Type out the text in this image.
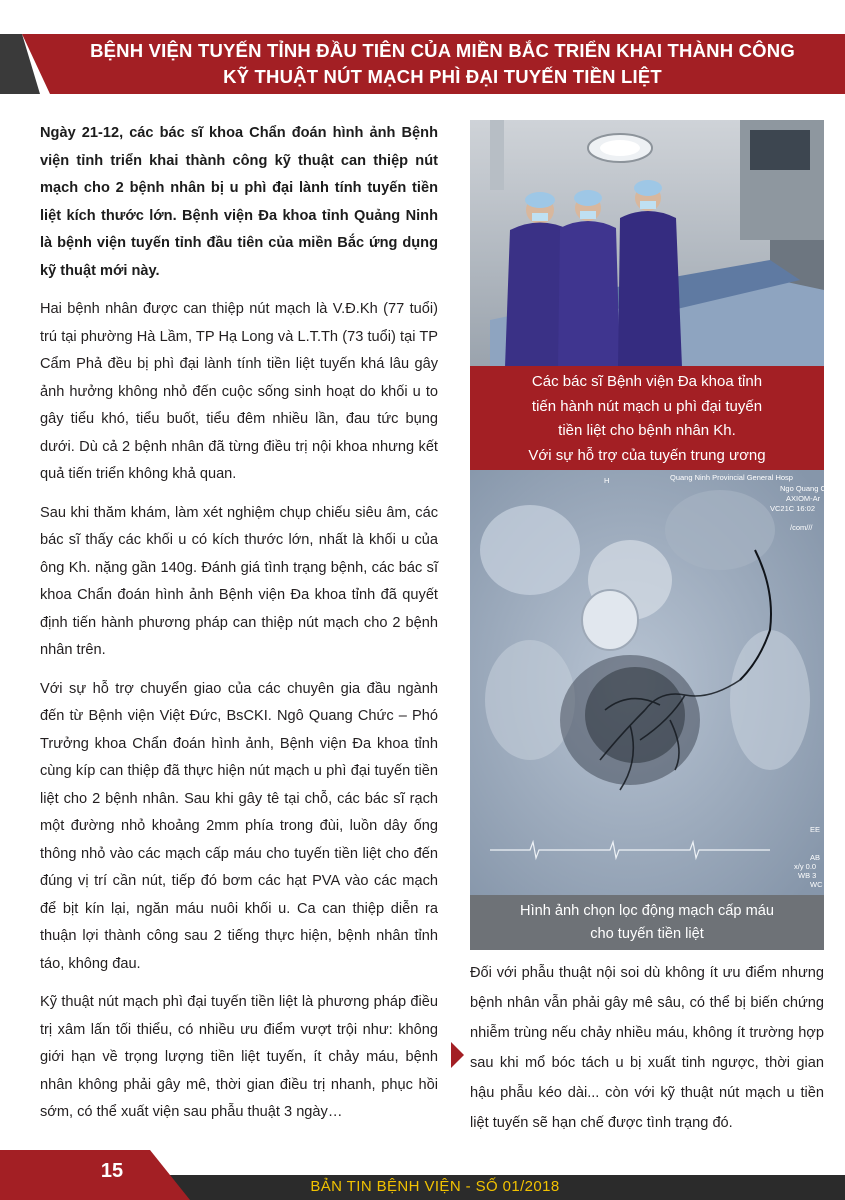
BỆNH VIỆN TUYẾN TỈNH ĐẦU TIÊN CỦA MIỀN BẮC TRIỂN KHAI THÀNH CÔNG
KỸ THUẬT NÚT MẠCH PHÌ ĐẠI TUYẾN TIỀN LIỆT

Ngày 21-12, các bác sĩ khoa Chẩn đoán hình ảnh Bệnh viện tỉnh triển khai thành công kỹ thuật can thiệp nút mạch cho 2 bệnh nhân bị u phì đại lành tính tuyến tiền liệt kích thước lớn. Bệnh viện Đa khoa tỉnh Quảng Ninh là bệnh viện tuyến tỉnh đầu tiên của miền Bắc ứng dụng kỹ thuật mới này.

Hai bệnh nhân được can thiệp nút mạch là V.Đ.Kh (77 tuổi) trú tại phường Hà Lầm, TP Hạ Long và L.T.Th (73 tuổi) tại TP Cẩm Phả đều bị phì đại lành tính tiền liệt tuyến khá lâu gây ảnh hưởng không nhỏ đến cuộc sống sinh hoạt do khối u to gây tiểu khó, tiểu buốt, tiểu đêm nhiều lần, đau tức bụng dưới. Dù cả 2 bệnh nhân đã từng điều trị nội khoa nhưng kết quả tiến triển không khả quan.

Sau khi thăm khám, làm xét nghiệm chụp chiếu siêu âm, các bác sĩ thấy các khối u có kích thước lớn, nhất là khối u của ông Kh. nặng gần 140g. Đánh giá tình trạng bệnh, các bác sĩ khoa Chẩn đoán hình ảnh Bệnh viện Đa khoa tỉnh đã quyết định tiến hành phương pháp can thiệp nút mạch cho 2 bệnh nhân trên.

Với sự hỗ trợ chuyển giao của các chuyên gia đầu ngành đến từ Bệnh viện Việt Đức, BsCKI. Ngô Quang Chức – Phó Trưởng khoa Chẩn đoán hình ảnh, Bệnh viện Đa khoa tỉnh cùng kíp can thiệp đã thực hiện nút mạch u phì đại tuyến tiền liệt cho 2 bệnh nhân. Sau khi gây tê tại chỗ, các bác sĩ rạch một đường nhỏ khoảng 2mm phía trong đùi, luồn dây ống thông nhỏ vào các mạch cấp máu cho tuyến tiền liệt cho đến đúng vị trí cần nút, tiếp đó bơm các hạt PVA vào các mạch để bịt kín lại, ngăn máu nuôi khối u. Ca can thiệp diễn ra thuận lợi thành công sau 2 tiếng thực hiện, bệnh nhân tỉnh táo, không đau.

Kỹ thuật nút mạch phì đại tuyến tiền liệt là phương pháp điều trị xâm lấn tối thiểu, có nhiều ưu điểm vượt trội như: không giới hạn về trọng lượng tiền liệt tuyến, ít chảy máu, bệnh nhân không phải gây mê, thời gian điều trị nhanh, phục hồi sớm, có thể xuất viện sau phẫu thuật 3 ngày…

Các bác sĩ Bệnh viện Đa khoa tỉnh
tiến hành nút mạch u phì đại tuyến
tiền liệt cho bệnh nhân Kh.
Với sự hỗ trợ của tuyến trung ương
H	Quang Ninh Provincial General Hosp
Ngo Quang Ch
AXIOM-Ar
VC21C 16:02
/com///
EE
AB
x/y 0.0
WB 3
WC
Hình ảnh chọn lọc động mạch cấp máu
cho tuyến tiền liệt

Đối với phẫu thuật nội soi dù không ít ưu điểm nhưng bệnh nhân vẫn phải gây mê sâu, có thể bị biến chứng nhiễm trùng nếu chảy nhiều máu, không ít trường hợp sau khi mổ bóc tách u bị xuất tinh ngược, thời gian hậu phẫu kéo dài... còn với kỹ thuật nút mạch u tiền liệt tuyến sẽ hạn chế được tình trạng đó.

15
BẢN TIN BỆNH VIỆN - SỐ 01/2018
